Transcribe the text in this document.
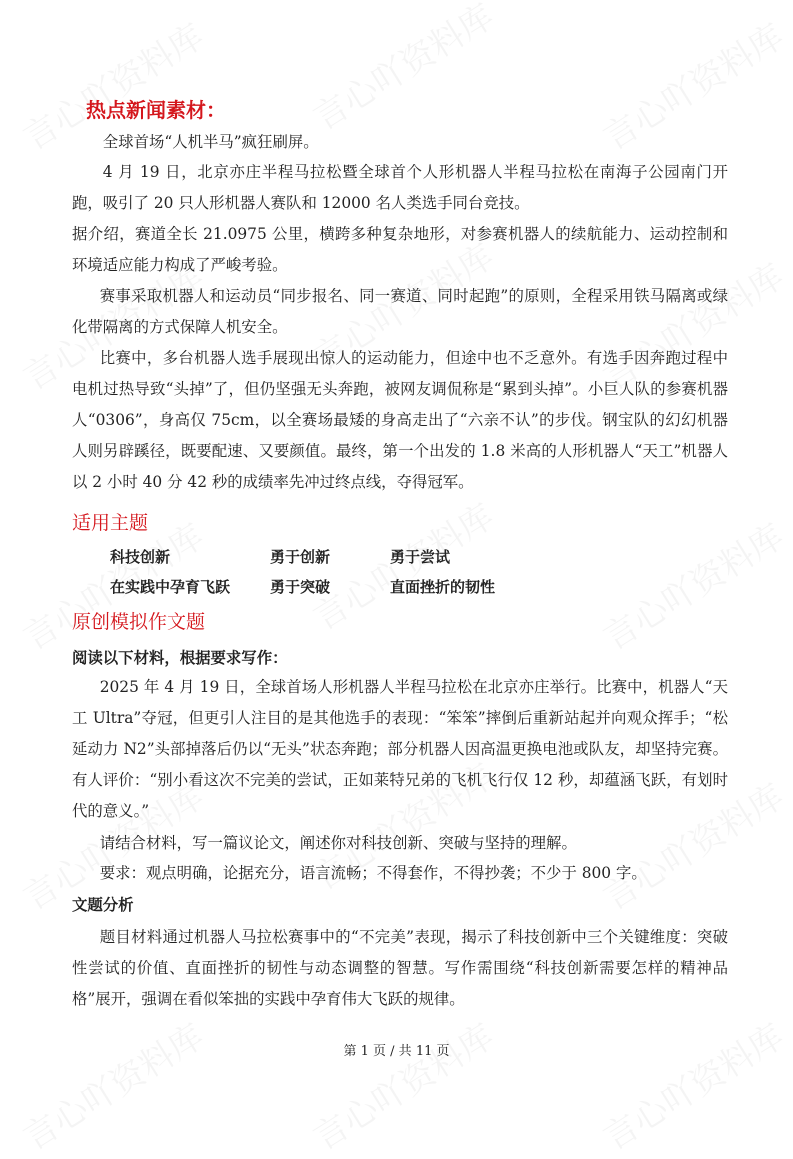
热点新闻素材：

全球首场“人机半马”疯狂刷屏。

4 月 19 日，北京亦庄半程马拉松暨全球首个人形机器人半程马拉松在南海子公园南门开跑，吸引了 20 只人形机器人赛队和 12000 名人类选手同台竞技。

据介绍，赛道全长 21.0975 公里，横跨多种复杂地形，对参赛机器人的续航能力、运动控制和环境适应能力构成了严峻考验。

赛事采取机器人和运动员“同步报名、同一赛道、同时起跑”的原则，全程采用铁马隔离或绿化带隔离的方式保障人机安全。

比赛中，多台机器人选手展现出惊人的运动能力，但途中也不乏意外。有选手因奔跑过程中电机过热导致“头掉”了，但仍坚强无头奔跑，被网友调侃称是“累到头掉”。小巨人队的参赛机器人“0306”，身高仅 75cm，以全赛场最矮的身高走出了“六亲不认”的步伐。钢宝队的幻幻机器人则另辟蹊径，既要配速、又要颜值。最终，第一个出发的 1.8 米高的人形机器人“天工”机器人以 2 小时 40 分 42 秒的成绩率先冲过终点线，夺得冠军。

适用主题
科技创新	勇于创新	勇于尝试
在实践中孕育飞跃	勇于突破	直面挫折的韧性
原创模拟作文题

阅读以下材料，根据要求写作：

2025 年 4 月 19 日，全球首场人形机器人半程马拉松在北京亦庄举行。比赛中，机器人“天工 Ultra”夺冠，但更引人注目的是其他选手的表现：“笨笨”摔倒后重新站起并向观众挥手；“松延动力 N2”头部掉落后仍以“无头”状态奔跑；部分机器人因高温更换电池或队友，却坚持完赛。有人评价：“别小看这次不完美的尝试，正如莱特兄弟的飞机飞行仅 12 秒，却蕴涵飞跃，有划时代的意义。”

请结合材料，写一篇议论文，阐述你对科技创新、突破与坚持的理解。

要求：观点明确，论据充分，语言流畅；不得套作，不得抄袭；不少于 800 字。

文题分析

题目材料通过机器人马拉松赛事中的“不完美”表现，揭示了科技创新中三个关键维度：突破性尝试的价值、直面挫折的韧性与动态调整的智慧。写作需围绕“科技创新需要怎样的精神品格”展开，强调在看似笨拙的实践中孕育伟大飞跃的规律。

第 1 页 / 共 11 页
